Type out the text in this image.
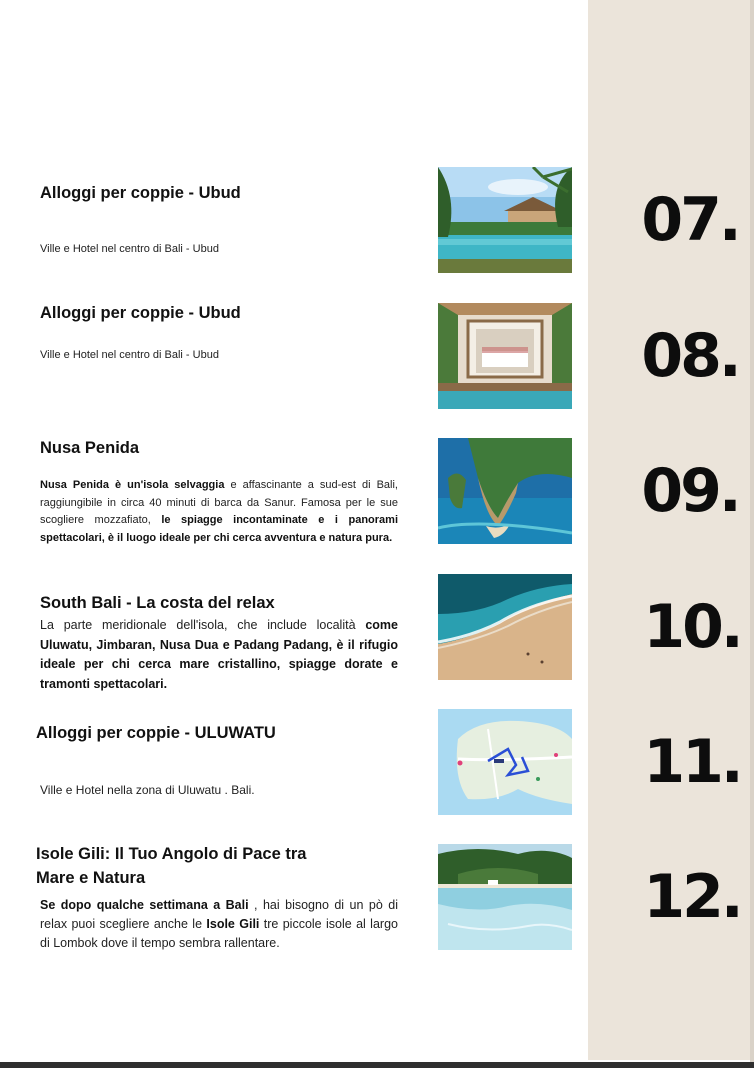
Alloggi per coppie - Ubud
Ville e Hotel nel centro di Bali - Ubud	07.
Alloggi per coppie - Ubud
Ville e Hotel nel centro di Bali - Ubud	08.
Nusa Penida
Nusa Penida è un'isola selvaggia e affascinante a sud-est di Bali, raggiungibile in circa 40 minuti di barca da Sanur. Famosa per le sue scogliere mozzafiato, le spiagge incontaminate e i panorami spettacolari, è il luogo ideale per chi cerca avventura e natura pura.
09.
South Bali - La costa del relax
La parte meridionale dell'isola, che include località come Uluwatu, Jimbaran, Nusa Dua e Padang Padang, è il rifugio ideale per chi cerca mare cristallino, spiagge dorate e tramonti spettacolari.
10.
Alloggi per coppie - ULUWATU
Ville e Hotel nella zona di Uluwatu . Bali.	11.
Isole Gili: Il Tuo Angolo di Pace tra
Mare e Natura
Se dopo qualche settimana a Bali , hai bisogno di un pò di relax puoi scegliere anche le Isole Gili tre piccole isole al largo di Lombok dove il tempo sembra rallentare.
12.
